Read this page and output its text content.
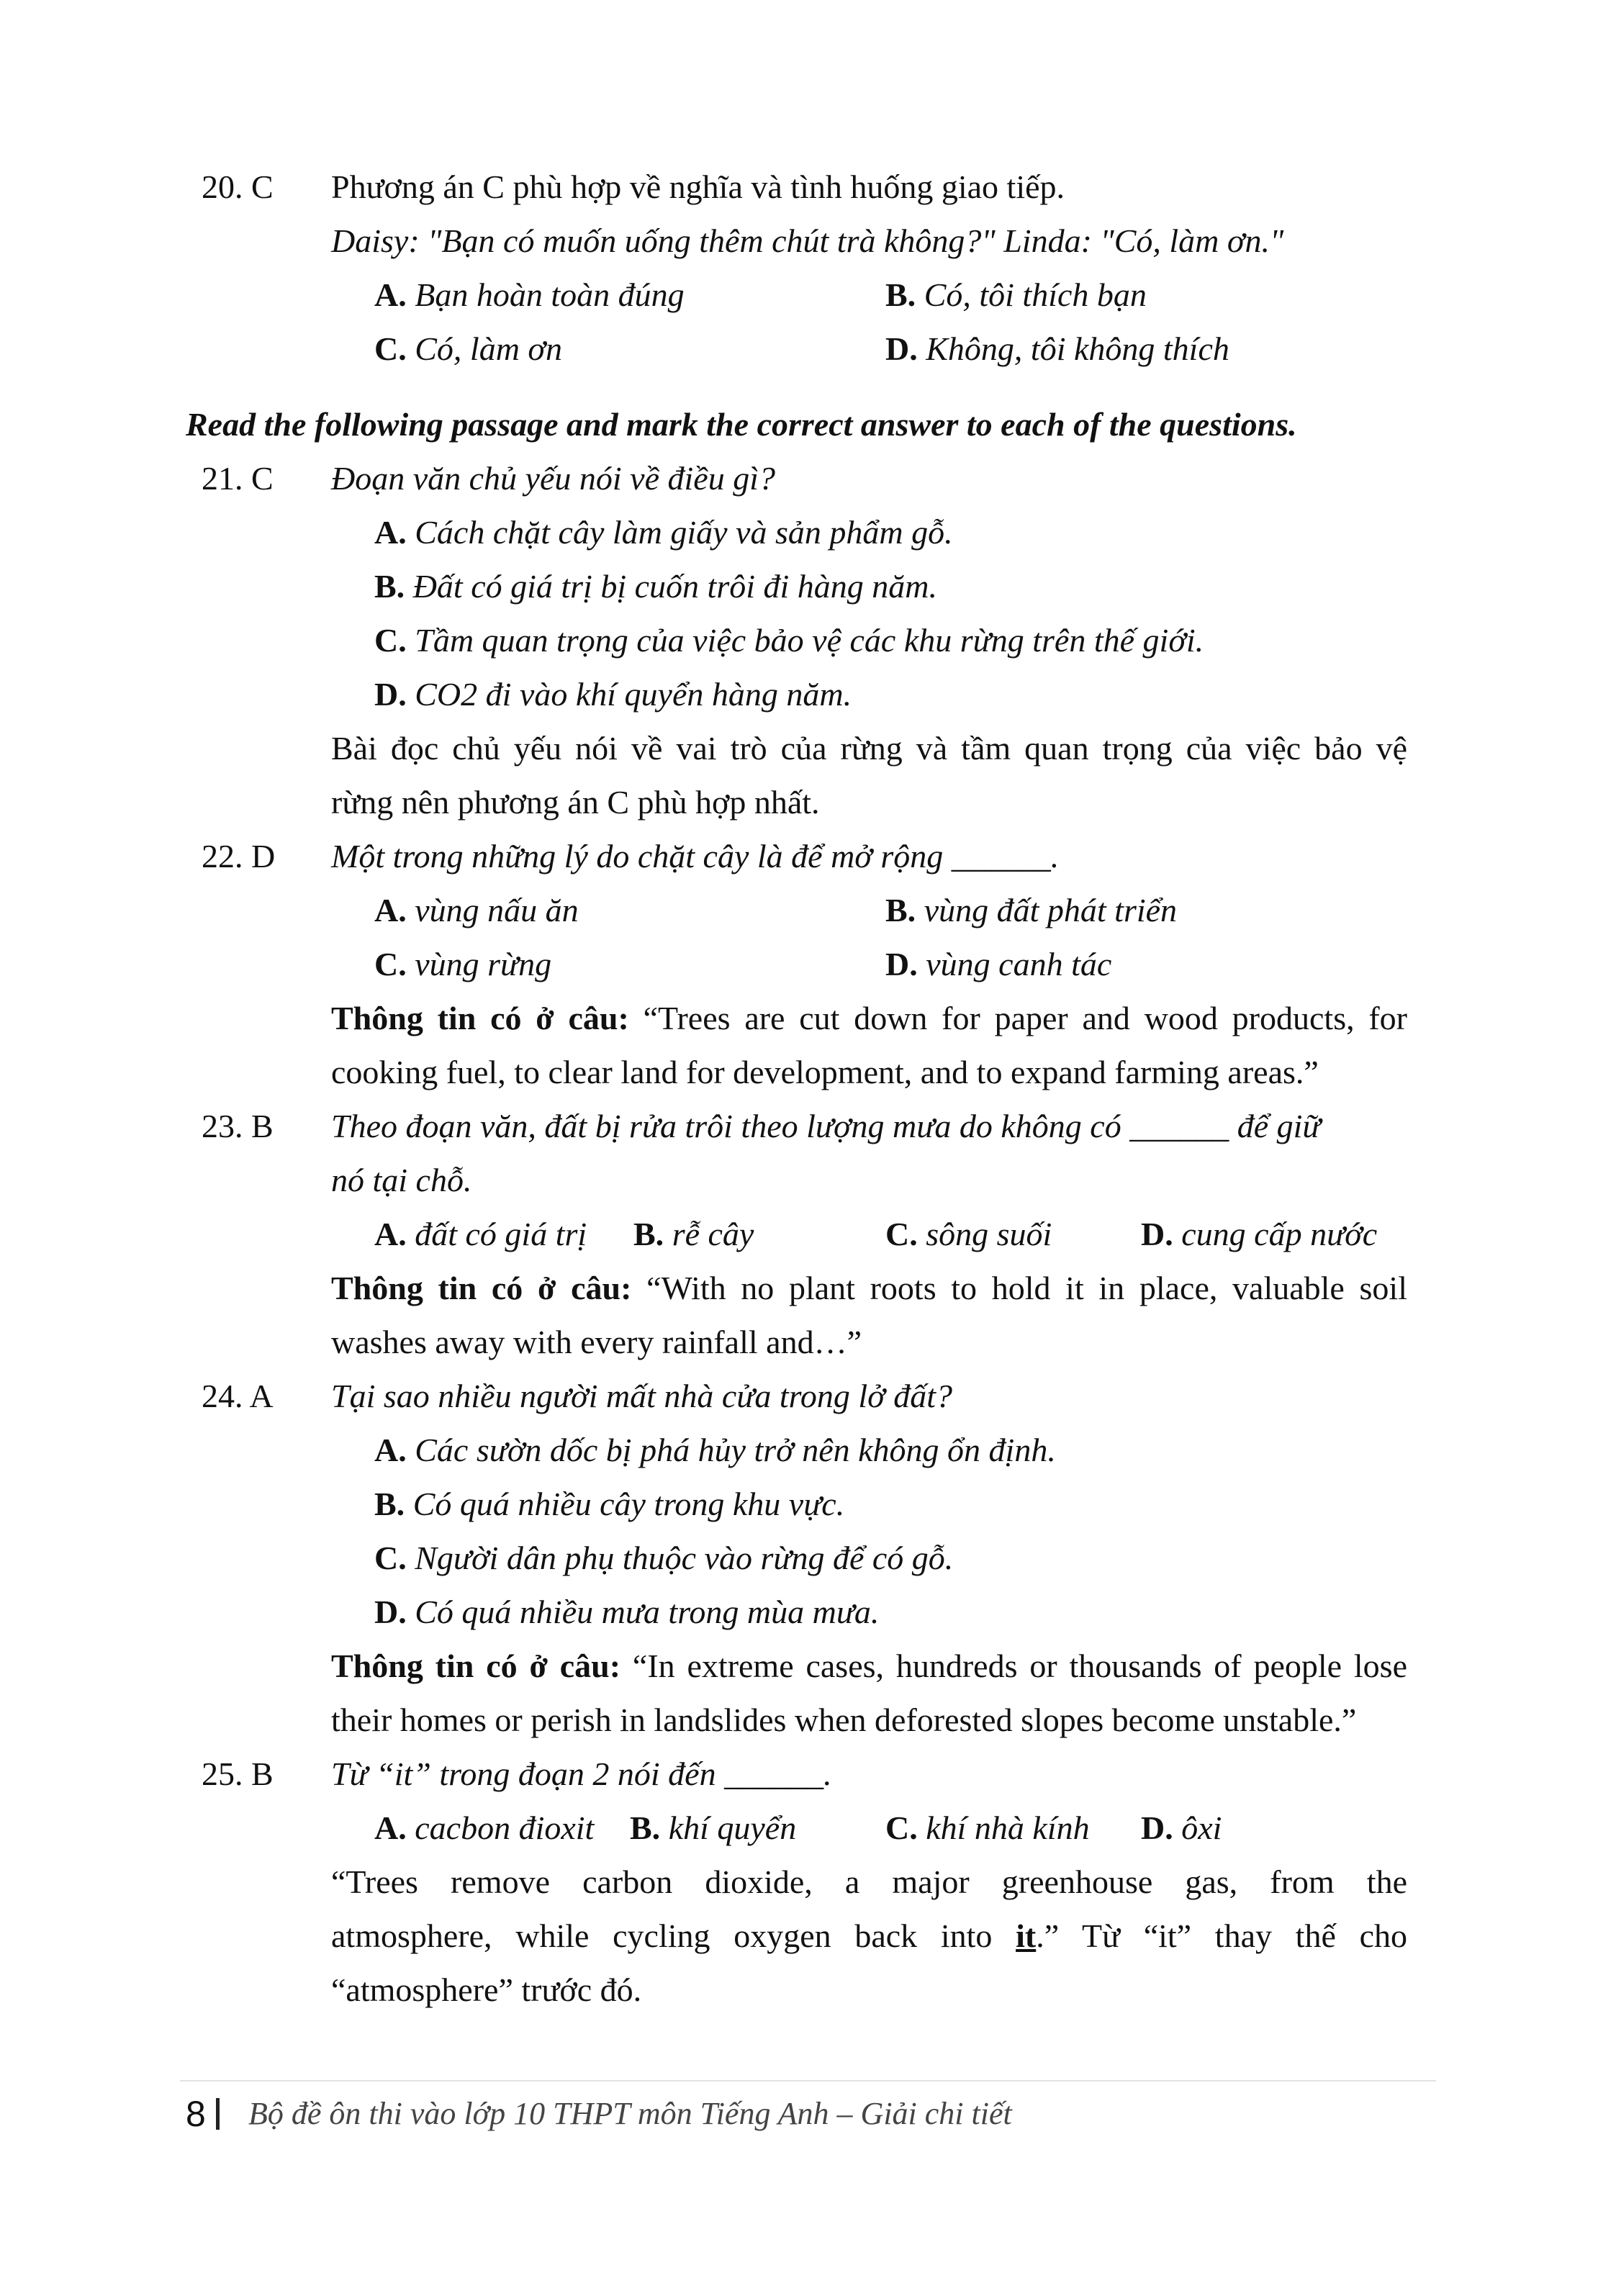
20. C Phương án C phù hợp về nghĩa và tình huống giao tiếp.
Daisy: "Bạn có muốn uống thêm chút trà không?" Linda: "Có, làm ơn."
A. Bạn hoàn toàn đúng	B. Có, tôi thích bạn
C. Có, làm ơn	D. Không, tôi không thích
Read the following passage and mark the correct answer to each of the questions.
21. C Đoạn văn chủ yếu nói về điều gì?
A. Cách chặt cây làm giấy và sản phẩm gỗ.
B. Đất có giá trị bị cuốn trôi đi hàng năm.
C. Tầm quan trọng của việc bảo vệ các khu rừng trên thế giới.
D. CO2 đi vào khí quyển hàng năm.
Bài đọc chủ yếu nói về vai trò của rừng và tầm quan trọng của việc bảo vệ
rừng nên phương án C phù hợp nhất.
22. D Một trong những lý do chặt cây là để mở rộng ______.
A. vùng nấu ăn	B. vùng đất phát triển
C. vùng rừng	D. vùng canh tác
Thông tin có ở câu: “Trees are cut down for paper and wood products, for
cooking fuel, to clear land for development, and to expand farming areas.”
23. B Theo đoạn văn, đất bị rửa trôi theo lượng mưa do không có ______ để giữ
nó tại chỗ.
A. đất có giá trị B. rễ cây	C. sông suối	D. cung cấp nước
Thông tin có ở câu: “With no plant roots to hold it in place, valuable soil
washes away with every rainfall and…”
24. A Tại sao nhiều người mất nhà cửa trong lở đất?
A. Các sườn dốc bị phá hủy trở nên không ổn định.
B. Có quá nhiều cây trong khu vực.
C. Người dân phụ thuộc vào rừng để có gỗ.
D. Có quá nhiều mưa trong mùa mưa.
Thông tin có ở câu: “In extreme cases, hundreds or thousands of people lose
their homes or perish in landslides when deforested slopes become unstable.”
25. B Từ “it” trong đoạn 2 nói đến ______.
A. cacbon đioxit B. khí quyển	C. khí nhà kính D. ôxi
“Trees remove carbon dioxide, a major greenhouse gas, from the
atmosphere, while cycling oxygen back into it.” Từ “it” thay thế cho
“atmosphere” trước đó.
8 Bộ đề ôn thi vào lớp 10 THPT môn Tiếng Anh – Giải chi tiết
